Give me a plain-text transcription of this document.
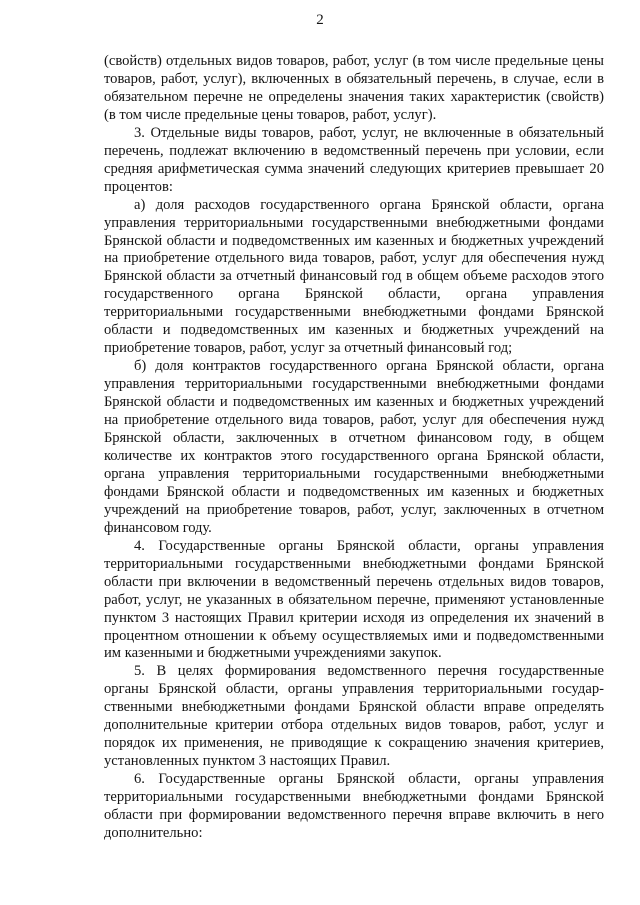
2

(свойств) отдельных видов товаров, работ, услуг (в том числе предельные цены товаров, работ, услуг), включенных в обязательный перечень, в случае, если в обязательном перечне не определены значения таких характеристик (свойств) (в том числе предельные цены товаров, работ, услуг).

3. Отдельные виды товаров, работ, услуг, не включенные в обязательный перечень, подлежат включению в ведомственный перечень при условии, если средняя арифметическая сумма значений следующих критериев превышает 20 процентов:

а) доля расходов государственного органа Брянской области, органа управления территориальными государственными внебюджетными фондами Брянской области и подведомственных им казенных и бюджетных учреждений на приобретение отдельного вида товаров, работ, услуг для обеспечения нужд Брянской области за отчетный финансовый год в общем объеме расходов этого государственного органа Брянской области, органа управления территориальными государственными внебюджетными фондами Брянской области и подведомственных им казенных и бюджетных учреждений на приобретение товаров, работ, услуг за отчетный финансовый год;

б) доля контрактов государственного органа Брянской области, органа управления территориальными государственными внебюджетными фондами Брянской области и подведомственных им казенных и бюджетных учреждений на приобретение отдельного вида товаров, работ, услуг для обеспечения нужд Брянской области, заключенных в отчетном финансовом году, в общем количестве их контрактов этого государственного органа Брянской области, органа управления территориальными государственными внебюджетными фондами Брянской области и подведомственных им казенных и бюджетных учреждений на приобретение товаров, работ, услуг, заключенных в отчетном финансовом году.

4. Государственные органы Брянской области, органы управления территориальными государственными внебюджетными фондами Брянской области при включении в ведомственный перечень отдельных видов товаров, работ, услуг, не указанных в обязательном перечне, применяют установленные пунктом 3 настоящих Правил критерии исходя из определения их значений в процентном отношении к объему осуществляемых ими и подведомственными им казенными и бюджетными учреждениями закупок.

5. В целях формирования ведомственного перечня государственные органы Брянской области, органы управления территориальными государственными внебюджетными фондами Брянской области вправе определять дополнительные критерии отбора отдельных видов товаров, работ, услуг и порядок их применения, не приводящие к сокращению значения критериев, установленных пунктом 3 настоящих Правил.

6. Государственные органы Брянской области, органы управления территориальными государственными внебюджетными фондами Брянской области при формировании ведомственного перечня вправе включить в него дополнительно:
